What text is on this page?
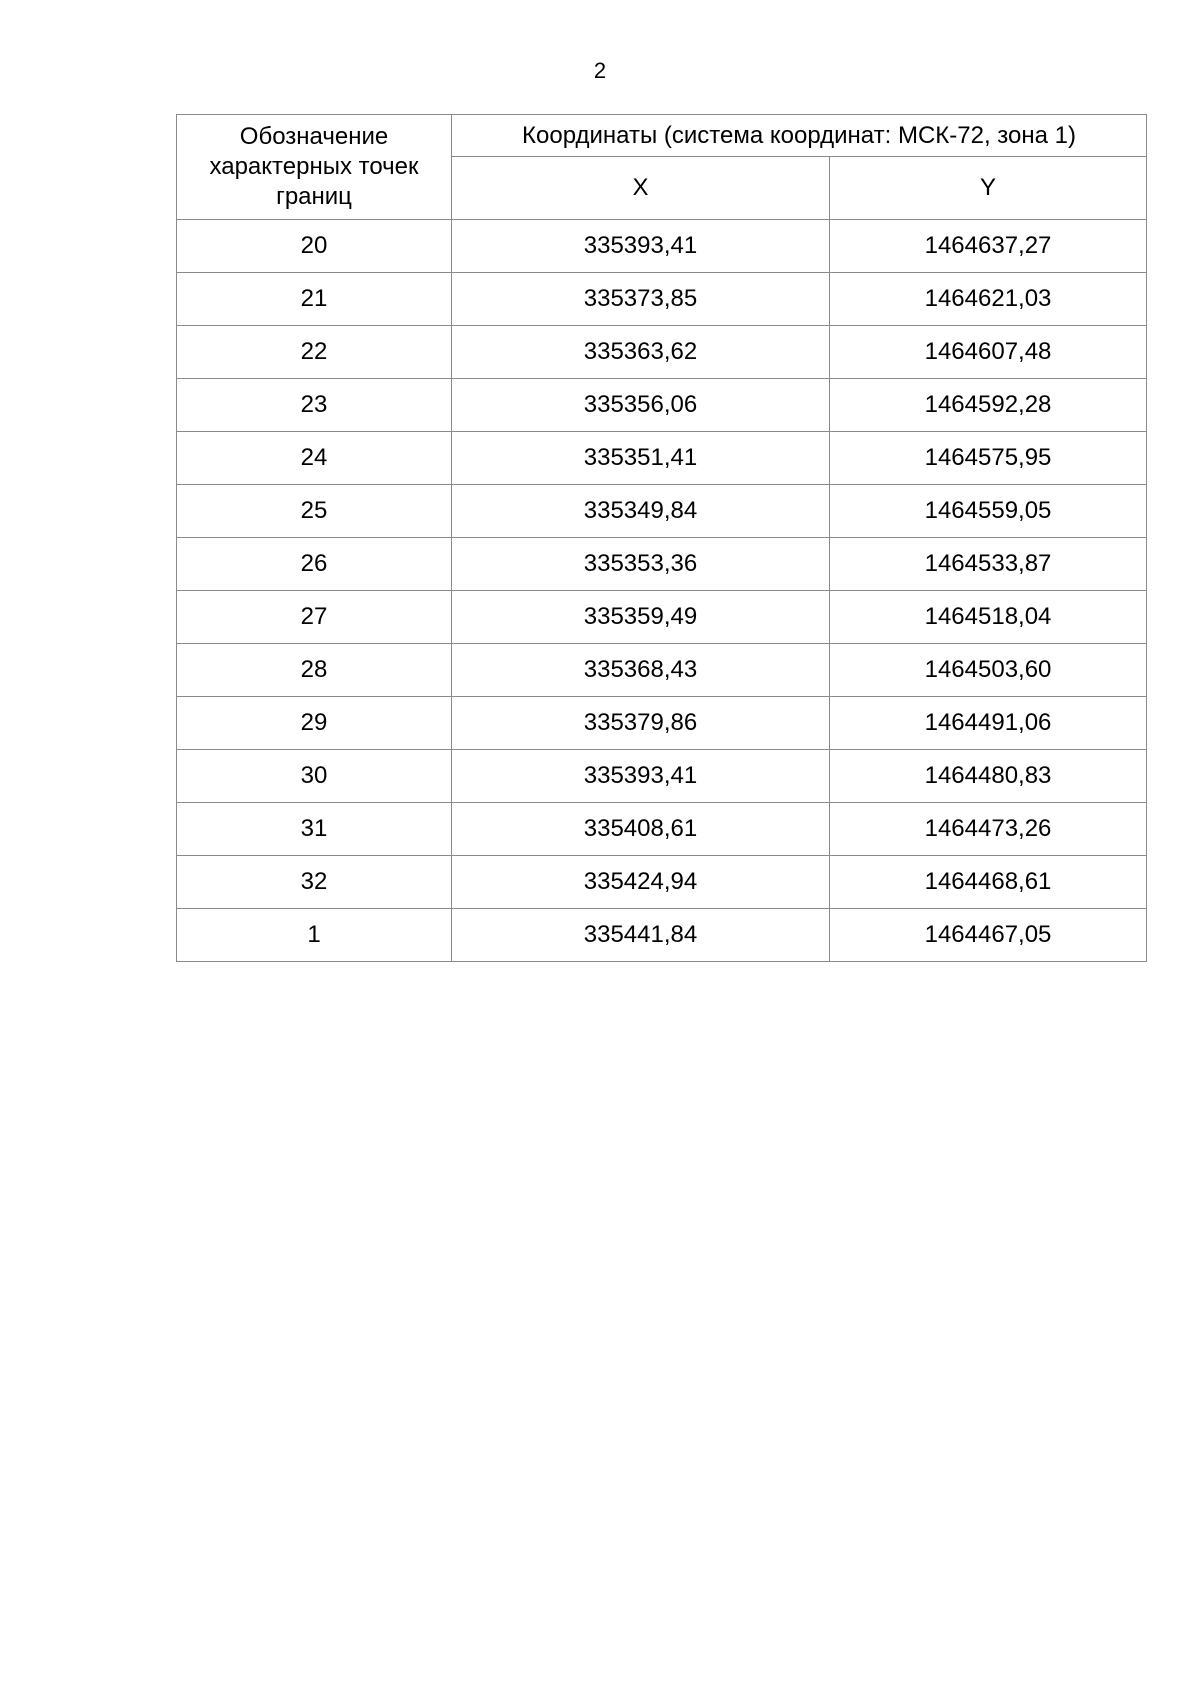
2
Обозначение характерных точек границ	Координаты (система координат: МСК-72, зона 1)	
	X	Y
20	335393,41	1464637,27
21	335373,85	1464621,03
22	335363,62	1464607,48
23	335356,06	1464592,28
24	335351,41	1464575,95
25	335349,84	1464559,05
26	335353,36	1464533,87
27	335359,49	1464518,04
28	335368,43	1464503,60
29	335379,86	1464491,06
30	335393,41	1464480,83
31	335408,61	1464473,26
32	335424,94	1464468,61
1	335441,84	1464467,05
